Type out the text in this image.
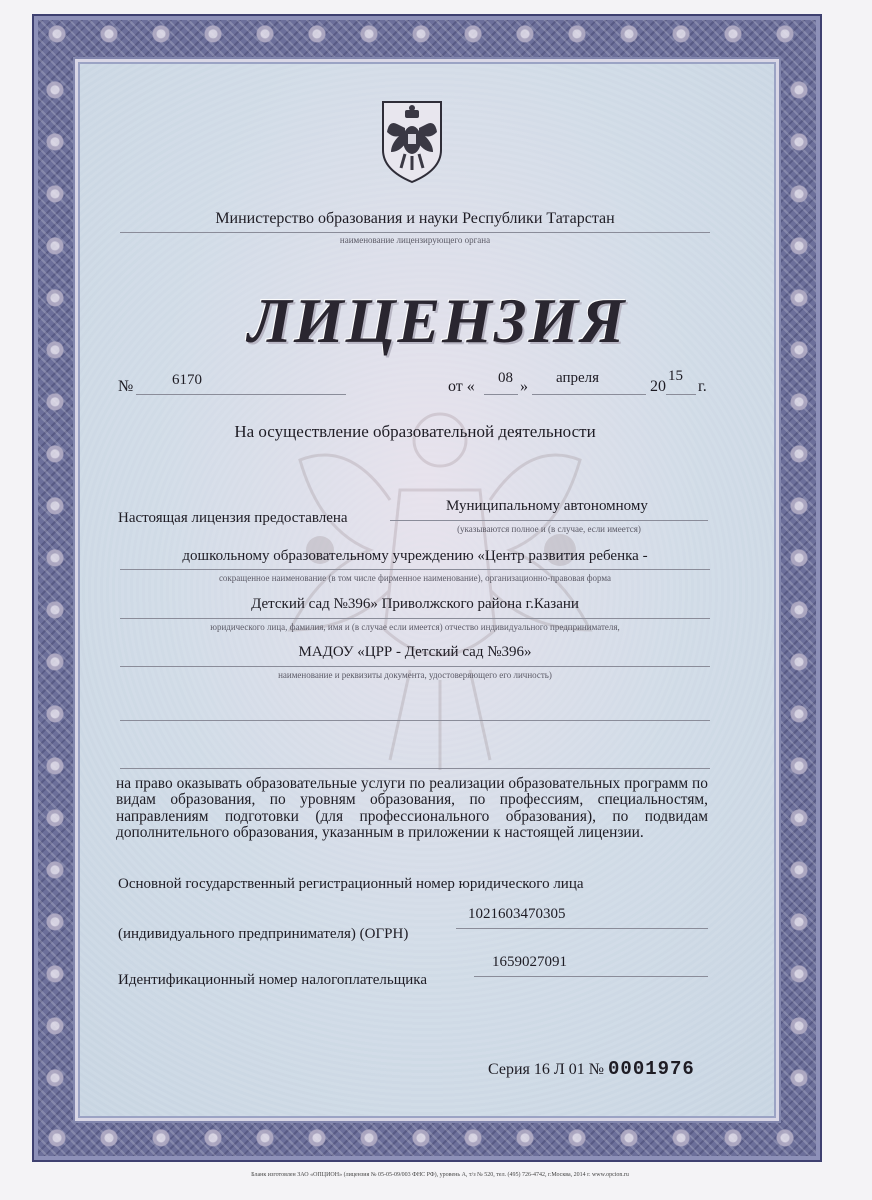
Министерство образования и науки Республики Татарстан
наименование лицензирующего органа
ЛИЦЕНЗИЯ
№	6170	от « 08 » апреля	20
15
г.
На осуществление образовательной деятельности
Настоящая лицензия предоставлена
Муниципальному автономному
(указываются полное и (в случае, если имеется)
дошкольному образовательному учреждению «Центр развития ребенка -
сокращенное наименование (в том числе фирменное наименование), организационно-правовая форма
Детский сад №396» Приволжского района г.Казани
юридического лица, фамилия, имя и (в случае если имеется) отчество индивидуального предпринимателя,
МАДОУ «ЦРР - Детский сад №396»
наименование и реквизиты документа, удостоверяющего его личность)
на право оказывать образовательные услуги по реализации образовательных программ по видам образования, по уровням образования, по профессиям, специальностям, направлениям подготовки (для профессионального образования), по подвидам дополнительного образования, указанным в приложении к настоящей лицензии.
Основной государственный регистрационный номер юридического лица
1021603470305
(индивидуального предпринимателя) (ОГРН)
1659027091
Идентификационный номер налогоплательщика
Серия 16 Л 01 № 0001976
Бланк изготовлен ЗАО «ОПЦИОН» (лицензия № 05-05-09/003 ФНС РФ), уровень А, т/з № 520, тел. (495) 726-4742, г.Москва, 2014 г. www.opcion.ru
